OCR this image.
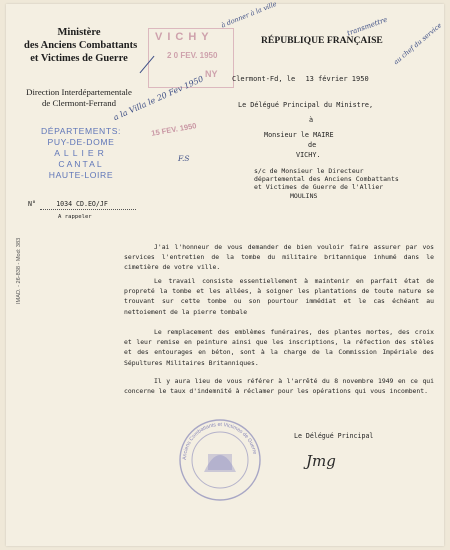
Ministère
des Anciens Combattants
et Victimes de Guerre
Direction Interdépartementale
de Clermont-Ferrand
DÉPARTEMENTS:
PUY-DE-DOME
ALLIER
CANTAL
HAUTE-LOIRE
N°	1034 CD.EO/JF
A rappeler
RÉPUBLIQUE FRANÇAISE
VICHY
2 0 FEV. 1950
NY Clermont-Fd, le 13 février 1950
Le Délégué Principal du Ministre,
à
Monsieur le MAIRE
de
VICHY.
s/c de Monsieur le Directeur
départemental des Anciens Combattants
et Victimes de Guerre de l'Allier
MOULINS
a la Villa le 20 Fev 1950
à donner à la ville	transmettre au chef du service
15 FEV. 1950
F.S
IMAD. - 26-838 - Mod: 383	J'ai l'honneur de vous demander de bien vouloir faire assurer par vos services l'entretien de la tombe du militaire britannique inhumé dans le cimetière de votre ville.
Le travail consiste essentiellement à maintenir en parfait état de propreté la tombe et les allées, à soigner les plantations de toute nature se trouvant sur cette tombe ou son pourtour immédiat et le cas échéant au nettoiement de la pierre tombale
Le remplacement des emblèmes funéraires, des plantes mortes, des croix et leur remise en peinture ainsi que les inscriptions, la réfection des stèles et des entourages en béton, sont à la charge de la Commission Impériale des Sépultures Militaires Britanniques.
Il y aura lieu de vous référer à l'arrêté du 8 novembre 1949 en ce qui concerne le taux d'indemnité à réclamer pour les opérations qui vous incombent.
Anciens Combattants et Victimes de Guerre
Le Délégué Principal
Jmg
